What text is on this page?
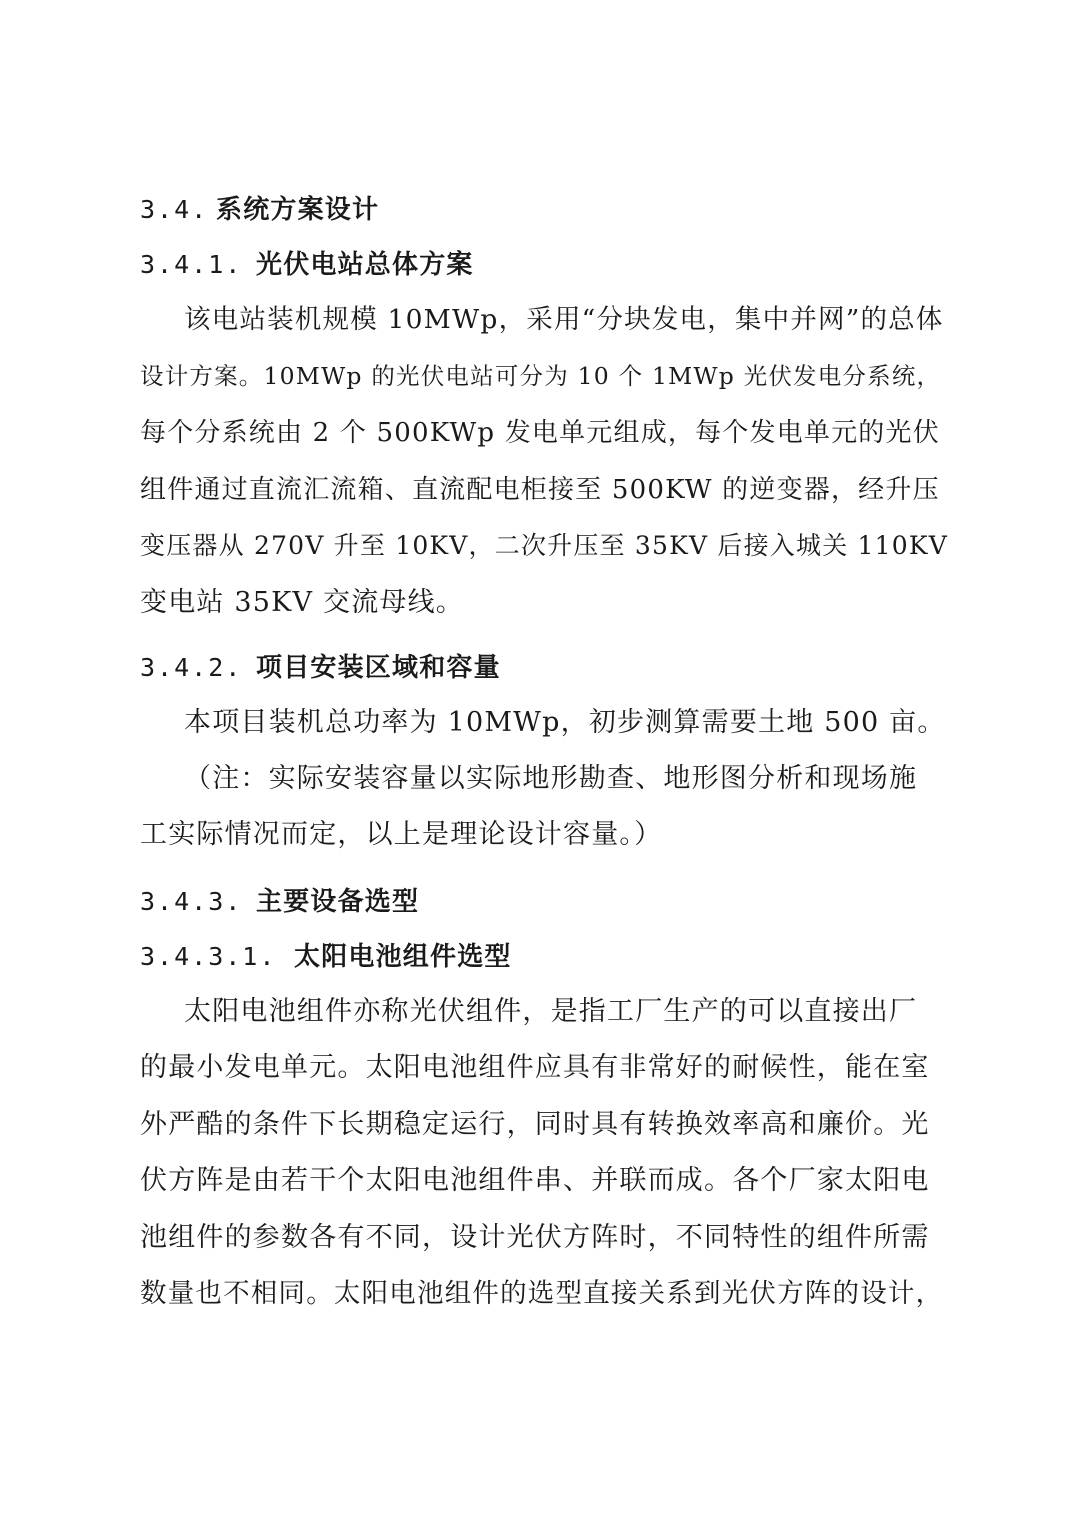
3.4. 系统方案设计
3.4.1. 光伏电站总体方案
该电站装机规模 10MWp，采用“分块发电，集中并网”的总体
设计方案。10MWp 的光伏电站可分为 10 个 1MWp 光伏发电分系统，
每个分系统由 2 个 500KWp 发电单元组成，每个发电单元的光伏
组件通过直流汇流箱、直流配电柜接至 500KW 的逆变器，经升压
变压器从 270V 升至 10KV，二次升压至 35KV 后接入城关 110KV
变电站 35KV 交流母线。
3.4.2. 项目安装区域和容量
本项目装机总功率为 10MWp，初步测算需要土地 500 亩。
（注：实际安装容量以实际地形勘查、地形图分析和现场施
工实际情况而定，以上是理论设计容量。）
3.4.3. 主要设备选型
3.4.3.1. 太阳电池组件选型
太阳电池组件亦称光伏组件，是指工厂生产的可以直接出厂
的最小发电单元。太阳电池组件应具有非常好的耐候性，能在室
外严酷的条件下长期稳定运行，同时具有转换效率高和廉价。光
伏方阵是由若干个太阳电池组件串、并联而成。各个厂家太阳电
池组件的参数各有不同，设计光伏方阵时，不同特性的组件所需
数量也不相同。太阳电池组件的选型直接关系到光伏方阵的设计，
